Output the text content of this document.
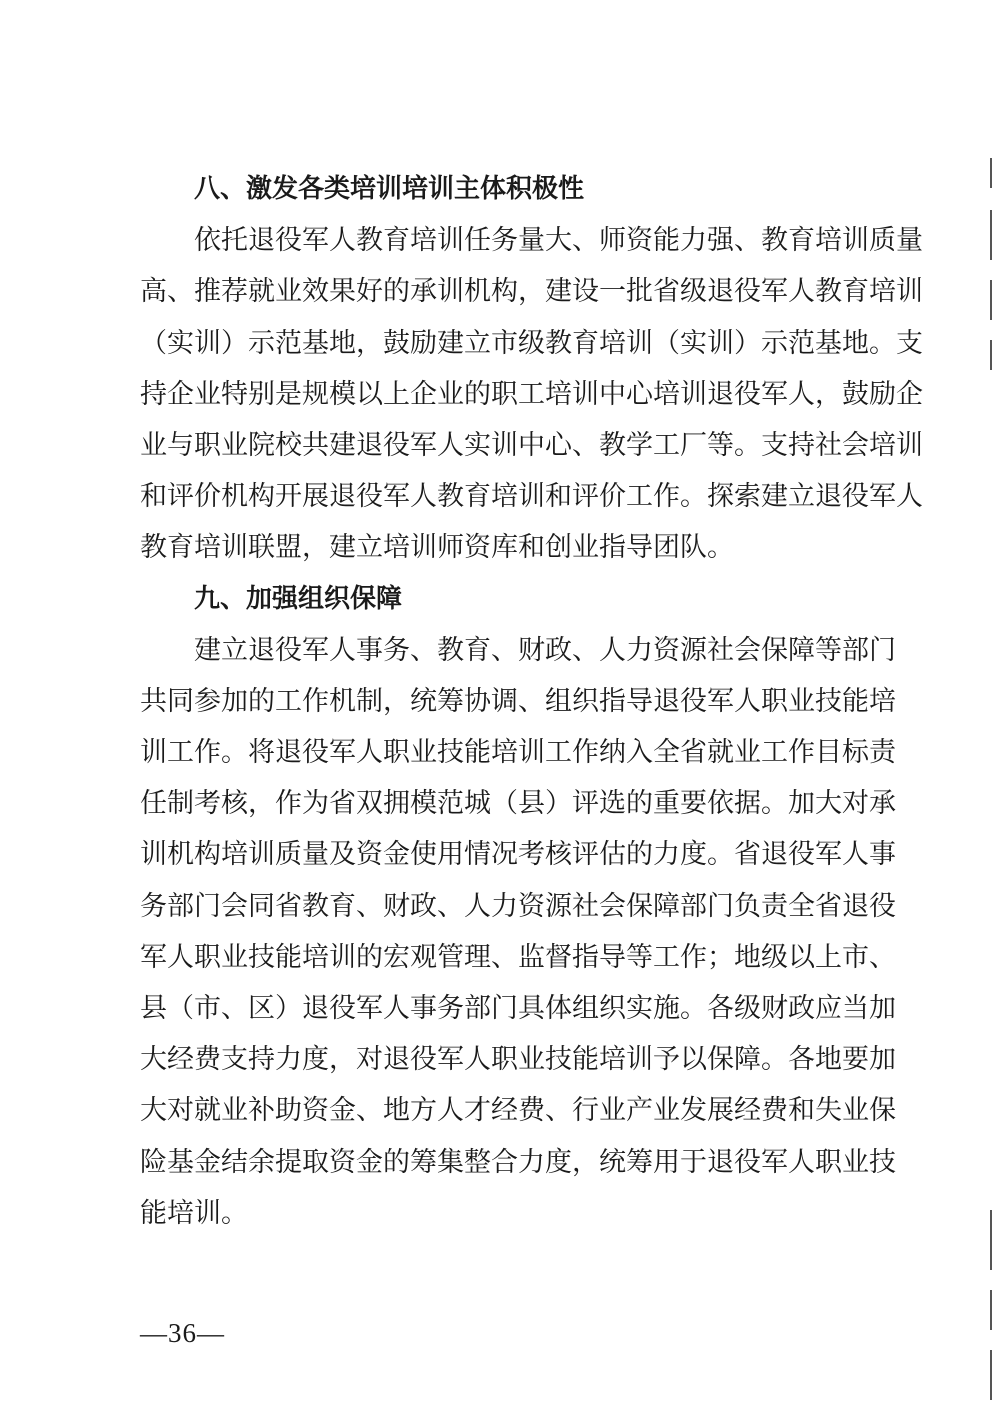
八、激发各类培训培训主体积极性
依托退役军人教育培训任务量大、师资能力强、教育培训质量
高、推荐就业效果好的承训机构，建设一批省级退役军人教育培训
（实训）示范基地，鼓励建立市级教育培训（实训）示范基地。支
持企业特别是规模以上企业的职工培训中心培训退役军人，鼓励企
业与职业院校共建退役军人实训中心、教学工厂等。支持社会培训
和评价机构开展退役军人教育培训和评价工作。探索建立退役军人
教育培训联盟，建立培训师资库和创业指导团队。
九、加强组织保障
建立退役军人事务、教育、财政、人力资源社会保障等部门
共同参加的工作机制，统筹协调、组织指导退役军人职业技能培
训工作。将退役军人职业技能培训工作纳入全省就业工作目标责
任制考核，作为省双拥模范城（县）评选的重要依据。加大对承
训机构培训质量及资金使用情况考核评估的力度。省退役军人事
务部门会同省教育、财政、人力资源社会保障部门负责全省退役
军人职业技能培训的宏观管理、监督指导等工作；地级以上市、
县（市、区）退役军人事务部门具体组织实施。各级财政应当加
大经费支持力度，对退役军人职业技能培训予以保障。各地要加
大对就业补助资金、地方人才经费、行业产业发展经费和失业保
险基金结余提取资金的筹集整合力度，统筹用于退役军人职业技
能培训。
—36—
